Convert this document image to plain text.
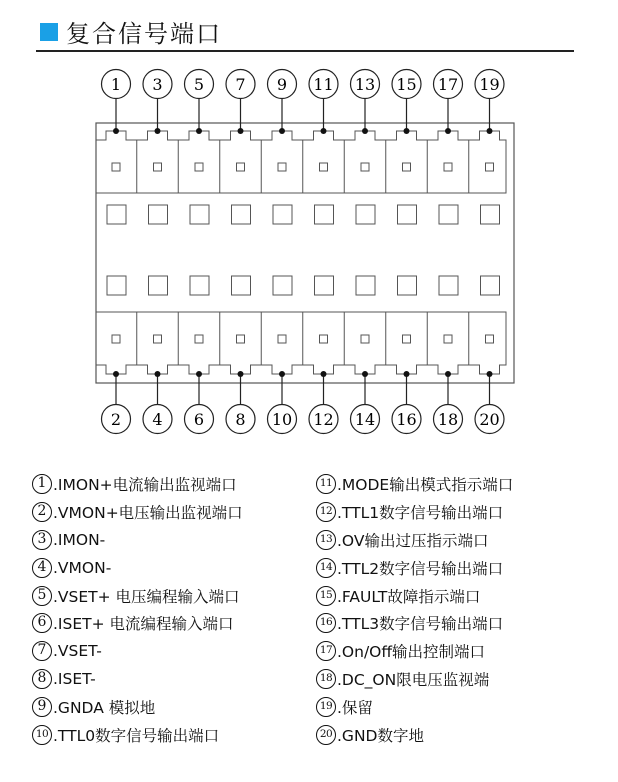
复合信号端口
1
2
3
4
5
6
7
8
9
10
11
12
13
14
15
16
17
18
19
20
1 .IMON+电流输出监视端口
2 .VMON+电压输出监视端口
3 .IMON-
4 .VMON-
5 .VSET+ 电压编程输入端口
6 .ISET+ 电流编程输入端口
7 .VSET-
8 .ISET-
9 .GNDA 模拟地
10 .TTL0数字信号输出端口
11 .MODE输出模式指示端口
12 .TTL1数字信号输出端口
13 .OV输出过压指示端口
14 .TTL2数字信号输出端口
15 .FAULT故障指示端口
16 .TTL3数字信号输出端口
17 .On/Off输出控制端口
18 .DC_ON限电压监视端
19 .保留
20 .GND数字地
